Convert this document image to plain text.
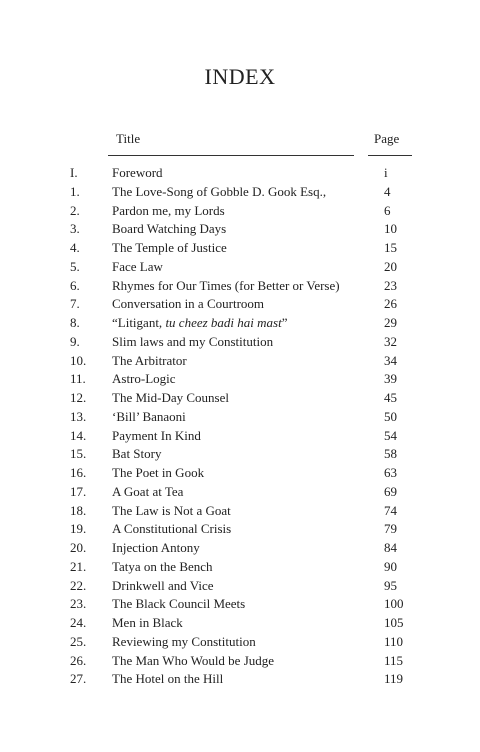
INDEX
Title	Page
I.	Foreword	i
1. The Love-Song of Gobble D. Gook Esq.,	4
2. Pardon me, my Lords	6
3. Board Watching Days	10
4. The Temple of Justice	15
5. Face Law	20
6. Rhymes for Our Times (for Better or Verse)	23
7. Conversation in a Courtroom	26
8. “Litigant, tu cheez badi hai mast”	29
9. Slim laws and my Constitution	32
10. The Arbitrator	34
11. Astro-Logic	39
12. The Mid-Day Counsel	45
13. ‘Bill’ Banaoni	50
14. Payment In Kind	54
15. Bat Story	58
16. The Poet in Gook	63
17. A Goat at Tea	69
18. The Law is Not a Goat	74
19. A Constitutional Crisis	79
20. Injection Antony	84
21. Tatya on the Bench	90
22. Drinkwell and Vice	95
23. The Black Council Meets	100
24. Men in Black	105
25. Reviewing my Constitution	110
26. The Man Who Would be Judge	115
27. The Hotel on the Hill	119
